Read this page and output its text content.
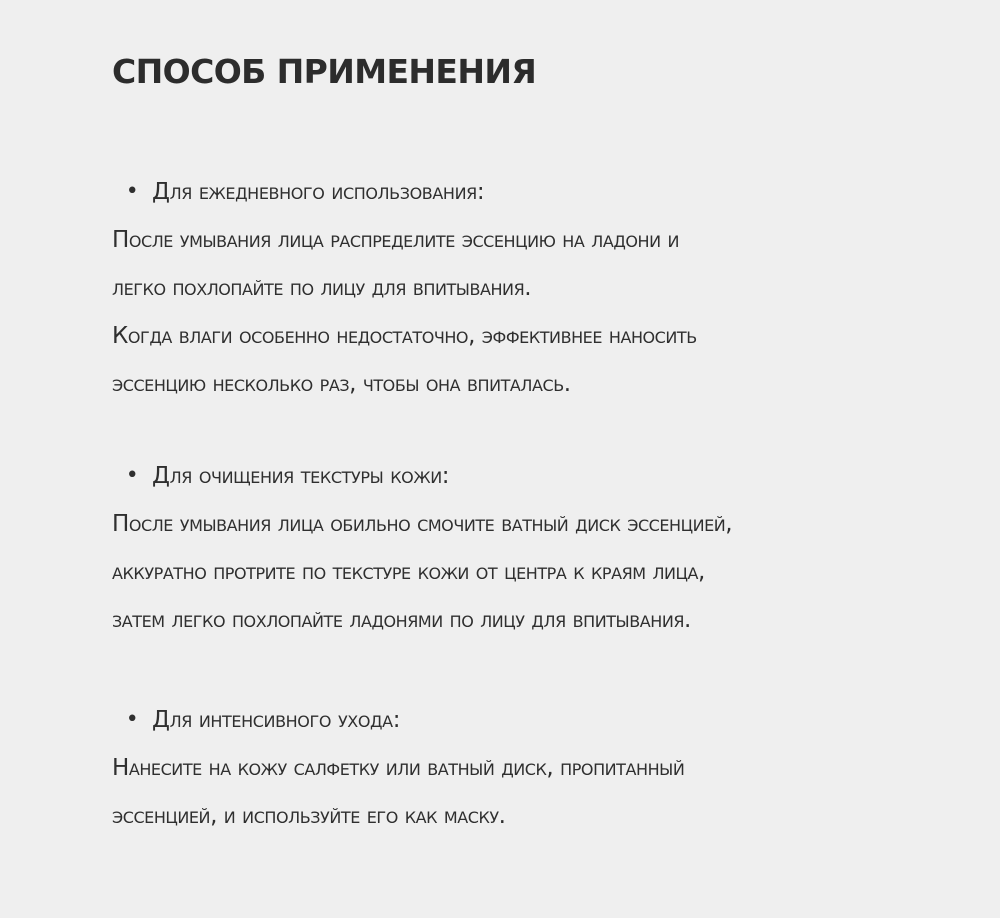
СПОСОБ ПРИМЕНЕНИЯ
• Для ежедневного использования:
После умывания лица распределите эссенцию на ладони и
легко похлопайте по лицу для впитывания.
Когда влаги особенно недостаточно, эффективнее наносить
эссенцию несколько раз, чтобы она впиталась.
• Для очищения текстуры кожи:
После умывания лица обильно смочите ватный диск эссенцией,
аккуратно протрите по текстуре кожи от центра к краям лица,
затем легко похлопайте ладонями по лицу для впитывания.
• Для интенсивного ухода:
Нанесите на кожу салфетку или ватный диск, пропитанный
эссенцией, и используйте его как маску.
